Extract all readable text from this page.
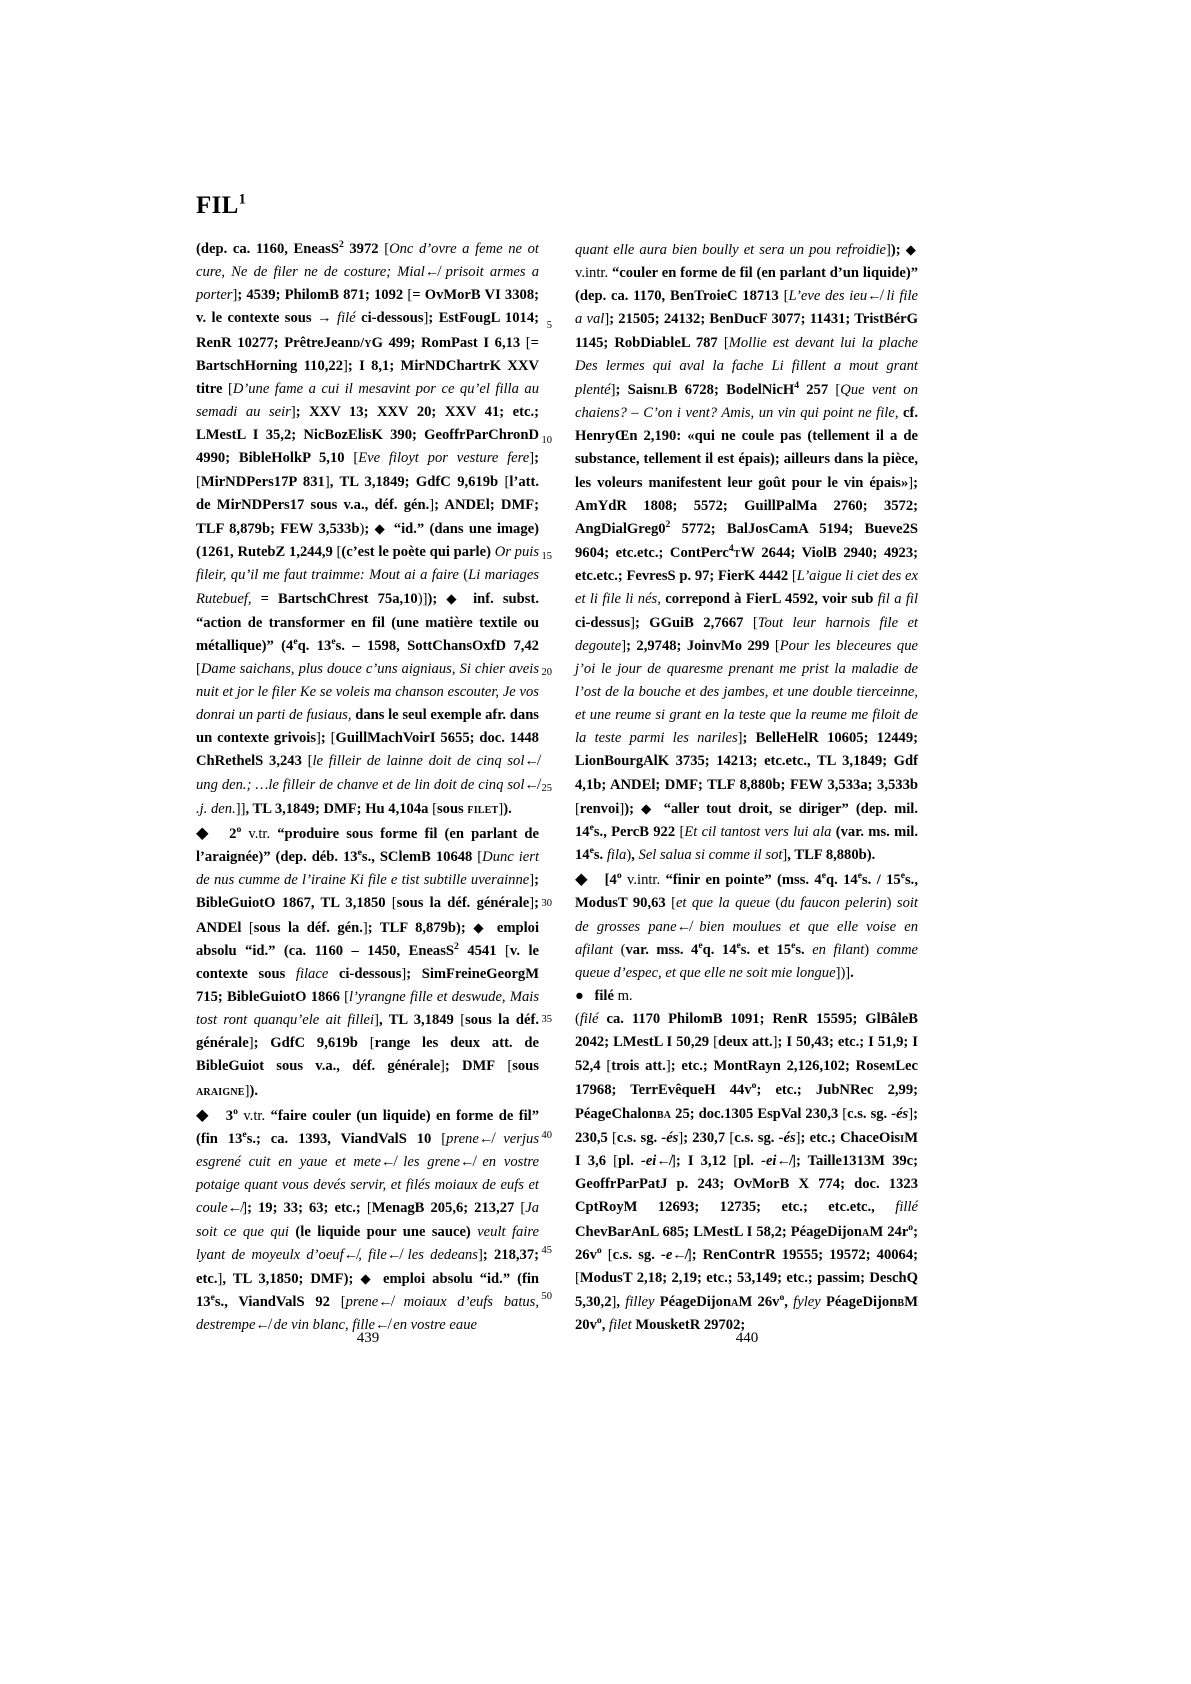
FIL$^1$

(dep. ca. 1160, EneasS$^2$ 3972 [Onc d’ovre a feme ne ot cure, Ne de filer ne de costure; Mial↚ prisoit armes a porter]; 4539; PhilomB 871; 1092 [= OvMorB VI 3308; v. le contexte sous → filé ci-dessous]; EstFougL 1014; RenR 10277; PrêtreJeand/yG 499; RomPast I 6,13 [= BartschHorning 110,22]; I 8,1; MirNDChartrK XXV titre [D’une fame a cui il mesavint por ce qu’el filla au semadi au seir]; XXV 13; XXV 20; XXV 41; etc.; LMestL I 35,2; NicBozElisK 390; GeoffrParChronD 4990; BibleHolkP 5,10 [Eve filoyt por vesture fere]; [MirNDPers17P 831], TL 3,1849; GdfC 9,619b [l’att. de MirNDPers17 sous v.a., déf. gén.]; ANDEl; DMF; TLF 8,879b; FEW 3,533b); ◆ “id.” (dans une image) (1261, RutebZ 1,244,9 [(c’est le poète qui parle) Or puis fileir, qu’il me faut traimme: Mout ai a faire (Li mariages Rutebuef, = BartschChrest 75a,10)]); ◆ inf. subst. “action de transformer en fil (une matière textile ou métallique)” (4eq. 13es. – 1598, SottChansOxfD 7,42 [Dame saichans, plus douce c’uns aigniaus, Si chier aveis nuit et jor le filer Ke se voleis ma chanson escouter, Je vos donrai un parti de fusiaus, dans le seul exemple afr. dans un contexte grivois]; [GuillMachVoirI 5655; doc. 1448 ChRethelS 3,243 [le filleir de lainne doit de cinq sol↚ ung den.; …le filleir de chanve et de lin doit de cinq sol↚ .j. den.]], TL 3,1849; DMF; Hu 4,104a [sous filet]).

◆ 2$^o$ v.tr. “produire sous forme fil (en parlant de l’araignée)” (dep. déb. 13es., SClemB 10648 [Dunc iert de nus cumme de l’iraine Ki file e tist subtille uverainne]; BibleGuiotO 1867, TL 3,1850 [sous la déf. générale]; ANDEl [sous la déf. gén.]; TLF 8,879b); ◆ emploi absolu “id.” (ca. 1160 – 1450, EneasS$^2$ 4541 [v. le contexte sous filace ci-dessous]; SimFreineGeorgM 715; BibleGuiotO 1866 [l’yrangne fille et deswude, Mais tost ront quanqu’ele ait fillei], TL 3,1849 [sous la déf. générale]; GdfC 9,619b [range les deux att. de BibleGuiot sous v.a., déf. générale]; DMF [sous araigne]).

◆ 3$^o$ v.tr. “faire couler (un liquide) en forme de fil” (fin 13es.; ca. 1393, ViandValS 10 [prene↚ verjus esgrené cuit en yaue et mete↚ les grene↚ en vostre potaige quant vous devés servir, et filés moiaux de eufs et coule↚]; 19; 33; 63; etc.; [MenagB 205,6; 213,27 [Ja soit ce que qui (le liquide pour une sauce) veult faire lyant de moyeulx d’oeuf↚, file↚ les dedeans]; 218,37; etc.], TL 3,1850; DMF); ◆ emploi absolu “id.” (fin 13es., ViandValS 92 [prene↚ moiaux d’eufs batus, destrempe↚ de vin blanc, fille↚ en vostre eaue

quant elle aura bien boully et sera un pou refroidie]); ◆ v.intr. “couler en forme de fil (en parlant d’un liquide)” (dep. ca. 1170, BenTroieC 18713 [L’eve des ieu↚ li file a val]; 21505; 24132; BenDucF 3077; 11431; TristBérG 1145; RobDiableL 787 [Mollie est devant lui la plache Des lermes qui aval la fache Li fillent a mout grant plenté]; SaisnlB 6728; BodelNicH$^4$ 257 [Que vent on chaiens? – C’on i vent? Amis, un vin qui point ne file, cf. HenryŒn 2,190: «qui ne coule pas (tellement il a de substance, tellement il est épais); ailleurs dans la pièce, les voleurs manifestent leur goût pour le vin épais»]; AmYdR 1808; 5572; GuillPalMa 2760; 3572; $AngDialGreg0^2$ 5772; BalJosCamA 5194; Bueve2S 9604; etc.etc.; ContPerc$^4$tW 2644; ViolB 2940; 4923; etc.etc.; FevresS p. 97; FierK 4442 [L’aigue li ciet des ex et li file li nés, correpond à FierL 4592, voir sub fil a fil ci-dessus]; GGuiB 2,7667 [Tout leur harnois file et degoute]; 2,9748; JoinvMo 299 [Pour les bleceures que j’oi le jour de quaresme prenant me prist la maladie de l’ost de la bouche et des jambes, et une double tierceinne, et une reume si grant en la teste que la reume me filoit de la teste parmi les nariles]; BelleHelR 10605; 12449; LionBourgAlK 3735; 14213; etc.etc., TL 3,1849; Gdf 4,1b; ANDEl; DMF; TLF 8,880b; FEW 3,533a; 3,533b [renvoi]); ◆ “aller tout droit, se diriger” (dep. mil. 14es., PercB 922 [Et cil tantost vers lui ala (var. ms. mil. 14es. fila), Sel salua si comme il sot], TLF 8,880b).

◆ [4$^o$ v.intr. “finir en pointe” (mss. 4eq. 14es. / 15es., ModusT 90,63 [et que la queue (du faucon pelerin) soit de grosses pane↚ bien moulues et que elle voise en afilant (var. mss. 4eq. 14es. et 15es. en filant) comme queue d’espec, et que elle ne soit mie longue])].

● filé m.

(filé ca. 1170 PhilomB 1091; RenR 15595; GlBâleB 2042; LMestL I 50,29 [deux att.]; I 50,43; etc.; I 51,9; I 52,4 [trois att.]; etc.; MontRayn 2,126,102; RosemLec 17968; TerrEvêqueH $44v^o$; etc.; JubNRec 2,99; PéageChalonba 25; doc.1305 EspVal 230,3 [c.s. sg. -és]; 230,5 [c.s. sg. -és]; 230,7 [c.s. sg. -és]; etc.; ChaceOisiM I 3,6 [pl. -ei↚]; I 3,12 [pl. -ei↚]; Taille1313M 39c; GeoffrParPatJ p. 243; OvMorB X 774; doc. 1323 CptRoyM 12693; 12735; etc.; etc.etc., fillé ChevBarAnL 685; LMestL I 58,2; PéageDijonaM $24r^o$; $26v^o$ [c.s. sg. -e↚]; RenContrR 19555; 19572; 40064; [ModusT 2,18; 2,19; etc.; 53,149; etc.; passim; DeschQ 5,30,2], filley PéageDijonaM $26v^o$, fyley PéageDijonbM $20v^o$, filet MousketR 29702;

5
10
15
20
25
30
35
40
45
50
439	440
